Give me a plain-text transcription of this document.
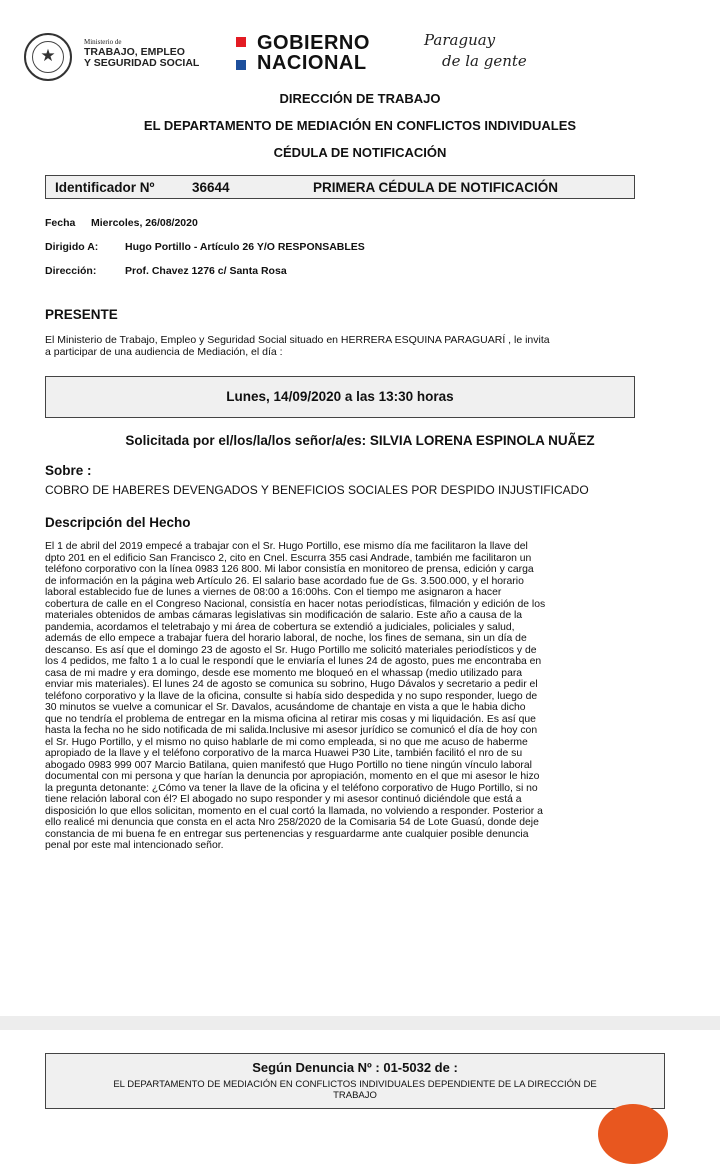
★
Ministerio de
TRABAJO, EMPLEO
Y SEGURIDAD SOCIAL
GOBIERNO
NACIONAL
Paraguay
de la gente
DIRECCIÓN DE TRABAJO
EL DEPARTAMENTO DE MEDIACIÓN EN CONFLICTOS INDIVIDUALES
CÉDULA DE NOTIFICACIÓN
Identificador Nº	36644	PRIMERA CÉDULA DE NOTIFICACIÓN
Fecha Miercoles, 26/08/2020
Dirigido A:	Hugo Portillo - Artículo 26 Y/O RESPONSABLES
Dirección:	Prof. Chavez 1276 c/ Santa Rosa
PRESENTE
El Ministerio de Trabajo, Empleo y Seguridad Social situado en HERRERA ESQUINA PARAGUARÍ , le invita
a participar de una audiencia de Mediación, el día :
Lunes, 14/09/2020 a las 13:30 horas
Solicitada por el/los/la/los señor/a/es: SILVIA LORENA ESPINOLA NUÃEZ
Sobre :
COBRO DE HABERES DEVENGADOS Y BENEFICIOS SOCIALES POR DESPIDO INJUSTIFICADO
Descripción del Hecho
El 1 de abril del 2019 empecé a trabajar con el Sr. Hugo Portillo, ese mismo día me facilitaron la llave del
dpto 201 en el edificio San Francisco 2, cito en Cnel. Escurra 355 casi Andrade, también me facilitaron un
teléfono corporativo con la línea 0983 126 800. Mi labor consistía en monitoreo de prensa, edición y carga
de información en la página web Artículo 26. El salario base acordado fue de Gs. 3.500.000, y el horario
laboral establecido fue de lunes a viernes de 08:00 a 16:00hs. Con el tiempo me asignaron a hacer
cobertura de calle en el Congreso Nacional, consistía en hacer notas periodísticas, filmación y edición de los
materiales obtenidos de ambas cámaras legislativas sin modificación de salario. Este año a causa de la
pandemia, acordamos el teletrabajo y mi área de cobertura se extendió a judiciales, policiales y salud,
además de ello empece a trabajar fuera del horario laboral, de noche, los fines de semana, sin un día de
descanso. Es así que el domingo 23 de agosto el Sr. Hugo Portillo me solicitó materiales periodísticos y de
los 4 pedidos, me falto 1 a lo cual le respondí que le enviaría el lunes 24 de agosto, pues me encontraba en
casa de mi madre y era domingo, desde ese momento me bloqueó en el whassap (medio utilizado para
enviar mis materiales). El lunes 24 de agosto se comunica su sobrino, Hugo Dávalos y secretario a pedir el
teléfono corporativo y la llave de la oficina, consulte si había sido despedida y no supo responder, luego de
30 minutos se vuelve a comunicar el Sr. Davalos, acusándome de chantaje en vista a que le habia dicho
que no tendría el problema de entregar en la misma oficina al retirar mis cosas y mi liquidación. Es así que
hasta la fecha no he sido notificada de mi salida.Inclusive mi asesor jurídico se comunicó el día de hoy con
el Sr. Hugo Portillo, y el mismo no quiso hablarle de mi como empleada, si no que me acuso de haberme
apropiado de la llave y el teléfono corporativo de la marca Huawei P30 Lite, también facilitó el nro de su
abogado 0983 999 007 Marcio Batilana, quien manifestó que Hugo Portillo no tiene ningún vínculo laboral
documental con mi persona y que harían la denuncia por apropiación, momento en el que mi asesor le hizo
la pregunta detonante: ¿Cómo va tener la llave de la oficina y el teléfono corporativo de Hugo Portillo, si no
tiene relación laboral con él? El abogado no supo responder y mi asesor continuó diciéndole que está a
disposición lo que ellos solicitan, momento en el cual cortó la llamada, no volviendo a responder. Posterior a
ello realicé mi denuncia que consta en el acta Nro 258/2020 de la Comisaria 54 de Lote Guasú, donde deje
constancia de mi buena fe en entregar sus pertenencias y resguardarme ante cualquier posible denuncia
penal por este mal intencionado señor.
Según Denuncia Nº : 01-5032 de :
EL DEPARTAMENTO DE MEDIACIÓN EN CONFLICTOS INDIVIDUALES DEPENDIENTE DE LA DIRECCIÓN DE TRABAJO
